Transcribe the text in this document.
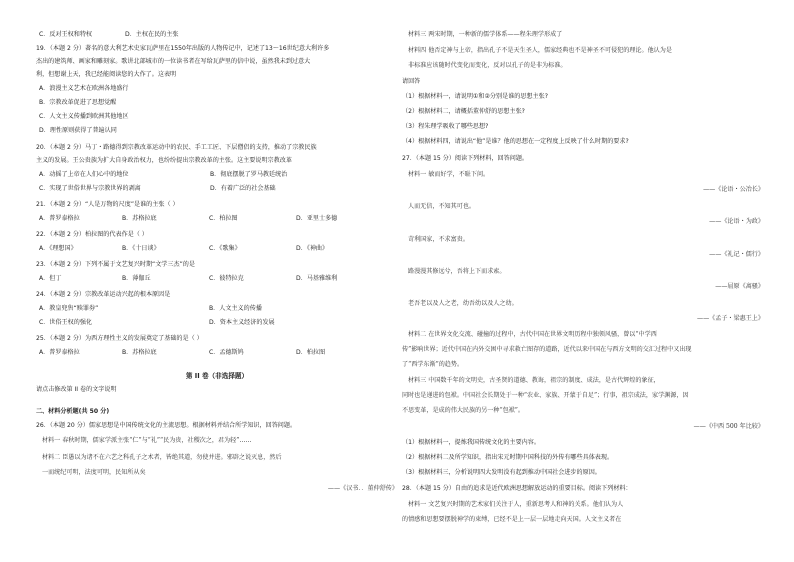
C．反对王权和特权	D．主权在民的主张
19．（本题 2 分）著名的意大利艺术史家瓦萨里在1550年出版的人物传记中，记述了13～16世纪意大利许多
杰出的建筑师、画家和雕刻家。歌讲北部城市的一位读书者在写给瓦萨里的信中说，虽然我未到过意大
利，但想谢上天，我已经能阅读您的大作了。这表明
A．浪漫主义艺术在欧洲各地盛行
B．宗教改革促进了思想觉醒
C．人文主义传播到欧洲其他地区
D．理性原则获得了普遍认同
20．（本题 2 分）马丁・路德得到宗教改革运动中的农民、手工工匠、下层僧侣的支持，推动了宗教民族
主义的发展。王公贵族为扩大自身政治权力，也纷纷提出宗教改革的主张。这主要说明宗教改革
A．动摇了上帝在人们心中的地位	B．彻底摆脱了罗马教廷统治
C．实现了世俗世界与宗教世界的剥离	D．有着广泛的社会基础
21．（本题 2 分）“人是万物的尺度”是谁的主张（ ）
A．普罗泰格拉	B．苏格拉底	C．柏拉图	D．亚里士多德
22．（本题 2 分）柏拉图的代表作是（ ）
A．《理想国》	B．《十日谈》	C．《歌集》	D．《神曲》
23．（本题 2 分）下列不属于文艺复兴时期“文学三杰”的是
A．但丁	B．薄伽丘	C．彼特拉克	D．马基雅维利
24．（本题 2 分）宗教改革运动兴起的根本原因是
A．教皇兜售“赎罪券”	B．人文主义的传播
C．世俗王权的强化	D．资本主义经济的发展
25．（本题 2 分）为西方理性主义的发展奠定了基础的是（ ）
A．普罗泰格拉	B．苏格拉底	C．孟德斯鸠	D．柏拉图
第 II 卷（非选择题）
请点击修改第 II 卷的文字说明
二、材料分析题(共 50 分)
26．（本题 20 分）儒家思想是中国传统文化的主流思想。根据材料并结合所学知识，回答问题。
材料一 春秋时期，儒家学派主张“仁”与“礼”“民为贵，社稷次之，君为轻”……
材料二 臣愚以为诸不在六艺之科孔子之术者，皆绝其道，勿使并进。邪辟之说灭息，然后
一而统纪可明，法度可明，民知所从矣
——《汉书．．董仲舒传》
材料三 两宋时期，一种新的儒学体系——程朱理学形成了
材料四 他否定神与上帝，指出孔子不是天生圣人，儒家经典也不是神圣不可侵犯的理论。他认为是
非标准应该随时代变化而变化，反对以孔子的是非为标准。
请回答
（1）根据材料一，请说明①和②分别是谁的思想主张?
（2）根据材料二，请概括董仲舒的思想主张?
（3）程朱理学吸收了哪些思想?
（4）根据材料四，请说出“他”是谁？他的思想在一定程度上反映了什么时期的要求?
27．（本题 15 分）阅读下列材料，回答问题。
材料一 敏而好学，不耻下问。
——《论语・公冶长》
人而无信，不知其可也。
——《论语・为政》
苛利国家，不求富贵。
——《礼记・儒行》
路漫漫其修远兮，吾将上下而求索。
——屈原《离骚》
老吾老以及人之老，幼吾幼以及人之幼。
——《孟子・梁惠王上》
材料二 在世界文化交流、碰撞的过程中，古代中国在世界文明历程中独领风骚，曾以“中学西
传”影响世界；近代中国在内外交困中寻求救亡图存的道路，近代以来中国在与西方文明的交汇过程中又出现
了“西学东渐”的趋势。
材料三 中国数千年的文明史，古圣贤的道德、教诲，祖宗的制度、成法，是古代辉煌的象征，
同时也是递进的包袱。中国社会长期处于一种“农业、家族、开蒙于自足”；行事，祖宗成法，家学渊源，因
不思变革，是成的伟大民族的另一种“包袱”。
——《中西 500 年比较》
（1）根据材料一，提炼我国传统文化的主要内容。
（2）根据材料二及所学知识，指出宋元时期中国科技的外传有哪些具体表现。
（3）根据材料三，分析说明四大发明没有起到推动中国社会进步的原因。
28．（本题 15 分）自由的追求是近代欧洲思想解放运动的重要目标。阅读下列材料：
材料一 文艺复兴时期的艺术家们关注于人，重新思考人和神的关系。他们认为人
的情感和思想要摆脱神学的束缚，已经不是上一层一层地走向天国。人文主义者在
